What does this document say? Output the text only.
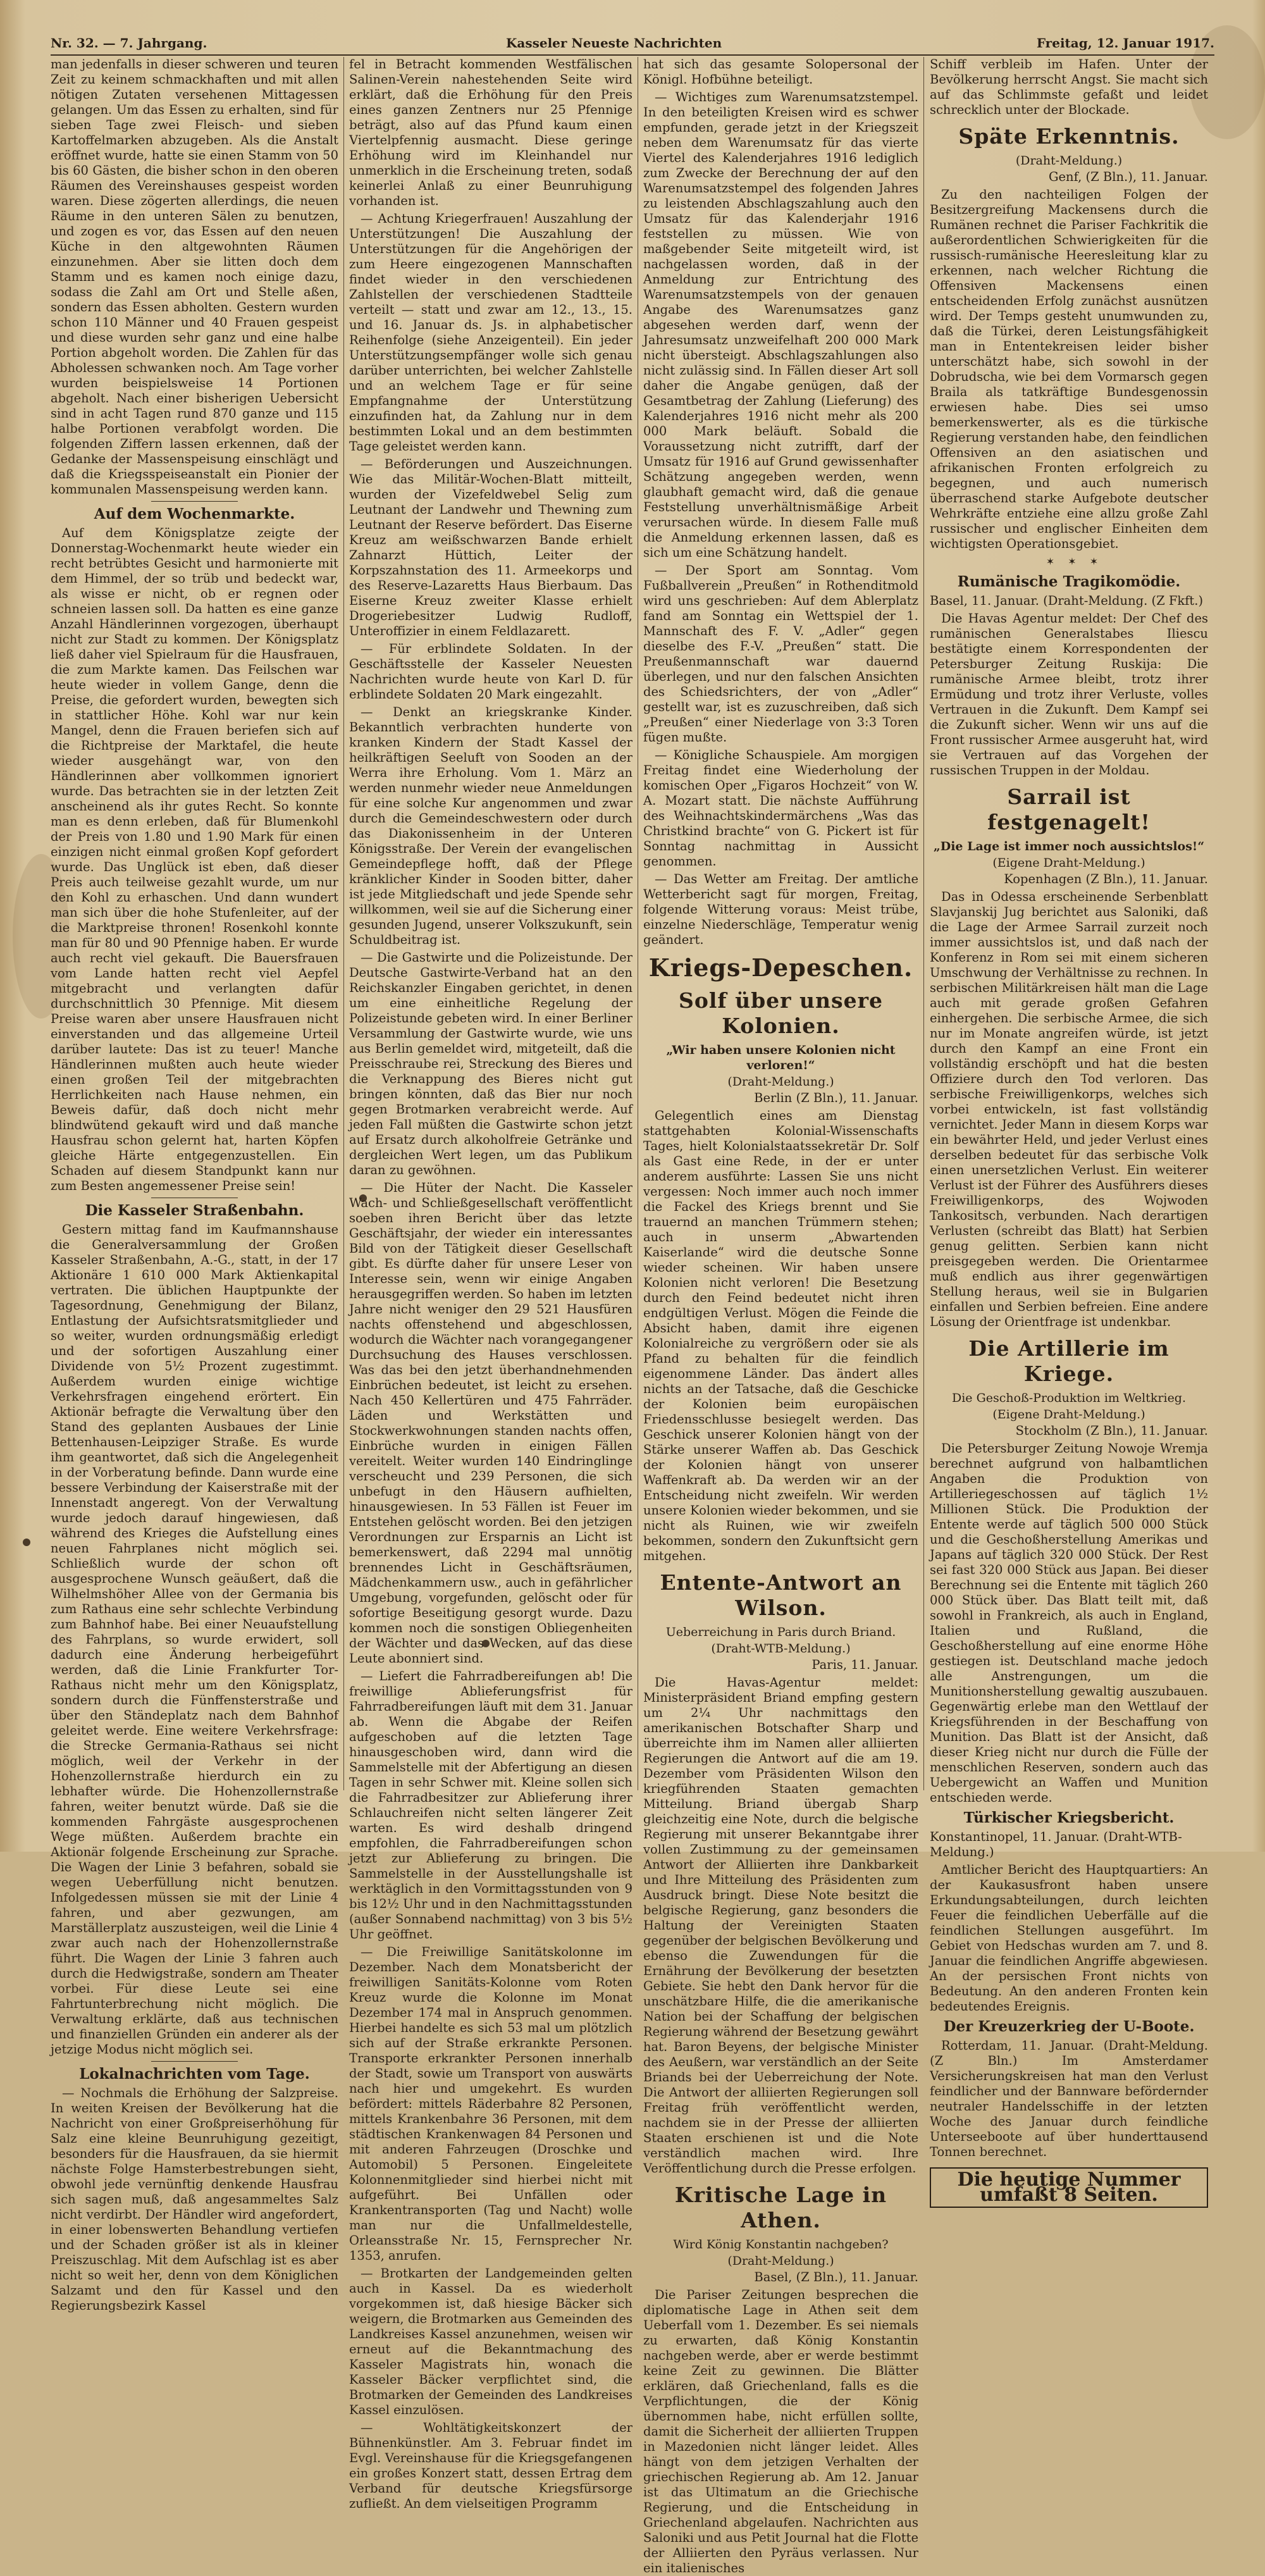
Nr. 32. — 7. Jahrgang.	Kasseler Neueste Nachrichten	Freitag, 12. Januar 1917.

man jedenfalls in dieser schweren und teuren Zeit zu keinem schmackhaften und mit allen nötigen Zutaten versehenen Mittagessen gelangen. Um das Essen zu erhalten, sind für sieben Tage zwei Fleisch- und sieben Kartoffelmarken abzugeben. Als die Anstalt eröffnet wurde, hatte sie einen Stamm von 50 bis 60 Gästen, die bisher schon in den oberen Räumen des Vereinshauses gespeist worden waren. Diese zögerten allerdings, die neuen Räume in den unteren Sälen zu benutzen, und zogen es vor, das Essen auf den neuen Küche in den altgewohnten Räumen einzunehmen. Aber sie litten doch dem Stamm und es kamen noch einige dazu, sodass die Zahl am Ort und Stelle aßen, sondern das Essen abholten. Gestern wurden schon 110 Männer und 40 Frauen gespeist und diese wurden sehr ganz und eine halbe Portion abgeholt worden. Die Zahlen für das Abholessen schwanken noch. Am Tage vorher wurden beispielsweise 14 Portionen abgeholt. Nach einer bisherigen Uebersicht sind in acht Tagen rund 870 ganze und 115 halbe Portionen verabfolgt worden. Die folgenden Ziffern lassen erkennen, daß der Gedanke der Massenspeisung einschlägt und daß die Kriegsspeiseanstalt ein Pionier der kommunalen Massenspeisung werden kann.

Auf dem Wochenmarkte.

Auf dem Königsplatze zeigte der Donnerstag-Wochenmarkt heute wieder ein recht betrübtes Gesicht und harmonierte mit dem Himmel, der so trüb und bedeckt war, als wisse er nicht, ob er regnen oder schneien lassen soll. Da hatten es eine ganze Anzahl Händlerinnen vorgezogen, überhaupt nicht zur Stadt zu kommen. Der Königsplatz ließ daher viel Spielraum für die Hausfrauen, die zum Markte kamen. Das Feilschen war heute wieder in vollem Gange, denn die Preise, die gefordert wurden, bewegten sich in stattlicher Höhe. Kohl war nur kein Mangel, denn die Frauen beriefen sich auf die Richtpreise der Marktafel, die heute wieder ausgehängt war, von den Händlerinnen aber vollkommen ignoriert wurde. Das betrachten sie in der letzten Zeit anscheinend als ihr gutes Recht. So konnte man es denn erleben, daß für Blumenkohl der Preis von 1.80 und 1.90 Mark für einen einzigen nicht einmal großen Kopf gefordert wurde. Das Unglück ist eben, daß dieser Preis auch teilweise gezahlt wurde, um nur den Kohl zu erhaschen. Und dann wundert man sich über die hohe Stufenleiter, auf der die Marktpreise thronen! Rosenkohl konnte man für 80 und 90 Pfennige haben. Er wurde auch recht viel gekauft. Die Bauersfrauen vom Lande hatten recht viel Aepfel mitgebracht und verlangten dafür durchschnittlich 30 Pfennige. Mit diesem Preise waren aber unsere Hausfrauen nicht einverstanden und das allgemeine Urteil darüber lautete: Das ist zu teuer! Manche Händlerinnen mußten auch heute wieder einen großen Teil der mitgebrachten Herrlichkeiten nach Hause nehmen, ein Beweis dafür, daß doch nicht mehr blindwütend gekauft wird und daß manche Hausfrau schon gelernt hat, harten Köpfen gleiche Härte entgegenzustellen. Ein Schaden auf diesem Standpunkt kann nur zum Besten angemessener Preise sein!

Die Kasseler Straßenbahn.

Gestern mittag fand im Kaufmannshause die Generalversammlung der Großen Kasseler Straßenbahn, A.-G., statt, in der 17 Aktionäre 1 610 000 Mark Aktienkapital vertraten. Die üblichen Hauptpunkte der Tagesordnung, Genehmigung der Bilanz, Entlastung der Aufsichtsratsmitglieder und so weiter, wurden ordnungsmäßig erledigt und der sofortigen Auszahlung einer Dividende von 5½ Prozent zugestimmt. Außerdem wurden einige wichtige Verkehrsfragen eingehend erörtert. Ein Aktionär befragte die Verwaltung über den Stand des geplanten Ausbaues der Linie Bettenhausen-Leipziger Straße. Es wurde ihm geantwortet, daß sich die Angelegenheit in der Vorberatung befinde. Dann wurde eine bessere Verbindung der Kaiserstraße mit der Innenstadt angeregt. Von der Verwaltung wurde jedoch darauf hingewiesen, daß während des Krieges die Aufstellung eines neuen Fahrplanes nicht möglich sei. Schließlich wurde der schon oft ausgesprochene Wunsch geäußert, daß die Wilhelmshöher Allee von der Germania bis zum Rathaus eine sehr schlechte Verbindung zum Bahnhof habe. Bei einer Neuaufstellung des Fahrplans, so wurde erwidert, soll dadurch eine Änderung herbeigeführt werden, daß die Linie Frankfurter Tor-Rathaus nicht mehr um den Königsplatz, sondern durch die Fünffensterstraße und über den Ständeplatz nach dem Bahnhof geleitet werde. Eine weitere Verkehrsfrage: die Strecke Germania-Rathaus sei nicht möglich, weil der Verkehr in der Hohenzollernstraße hierdurch ein zu lebhafter würde. Die Hohenzollernstraße fahren, weiter benutzt würde. Daß sie die kommenden Fahrgäste ausgesprochenen Wege müßten. Außerdem brachte ein Aktionär folgende Erscheinung zur Sprache. Die Wagen der Linie 3 befahren, sobald sie wegen Ueberfüllung nicht benutzen. Infolgedessen müssen sie mit der Linie 4 fahren, und aber gezwungen, am Marställerplatz auszusteigen, weil die Linie 4 zwar auch nach der Hohenzollernstraße führt. Die Wagen der Linie 3 fahren auch durch die Hedwigstraße, sondern am Theater vorbei. Für diese Leute sei eine Fahrtunterbrechung nicht möglich. Die Verwaltung erklärte, daß aus technischen und finanziellen Gründen ein anderer als der jetzige Modus nicht möglich sei.

Lokalnachrichten vom Tage.

— Nochmals die Erhöhung der Salzpreise. In weiten Kreisen der Bevölkerung hat die Nachricht von einer Großpreiserhöhung für Salz eine kleine Beunruhigung gezeitigt, besonders für die Hausfrauen, da sie hiermit nächste Folge Hamsterbestrebungen sieht, obwohl jede vernünftig denkende Hausfrau sich sagen muß, daß angesammeltes Salz nicht verdirbt. Der Händler wird angefordert, in einer lobenswerten Behandlung vertiefen und der Schaden größer ist als in kleiner Preiszuschlag. Mit dem Aufschlag ist es aber nicht so weit her, denn von dem Königlichen Salzamt und den für Kassel und den Regierungsbezirk Kassel

fel in Betracht kommenden Westfälischen Salinen-Verein nahestehenden Seite wird erklärt, daß die Erhöhung für den Preis eines ganzen Zentners nur 25 Pfennige beträgt, also auf das Pfund kaum einen Viertelpfennig ausmacht. Diese geringe Erhöhung wird im Kleinhandel nur unmerklich in die Erscheinung treten, sodaß keinerlei Anlaß zu einer Beunruhigung vorhanden ist.

— Achtung Kriegerfrauen! Auszahlung der Unterstützungen! Die Auszahlung der Unterstützungen für die Angehörigen der zum Heere eingezogenen Mannschaften findet wieder in den verschiedenen Zahlstellen der verschiedenen Stadtteile verteilt — statt und zwar am 12., 13., 15. und 16. Januar ds. Js. in alphabetischer Reihenfolge (siehe Anzeigenteil). Ein jeder Unterstützungsempfänger wolle sich genau darüber unterrichten, bei welcher Zahlstelle und an welchem Tage er für seine Empfangnahme der Unterstützung einzufinden hat, da Zahlung nur in dem bestimmten Lokal und an dem bestimmten Tage geleistet werden kann.

— Beförderungen und Auszeichnungen. Wie das Militär-Wochen-Blatt mitteilt, wurden der Vizefeldwebel Selig zum Leutnant der Landwehr und Thewning zum Leutnant der Reserve befördert. Das Eiserne Kreuz am weißschwarzen Bande erhielt Zahnarzt Hüttich, Leiter der Korpszahnstation des 11. Armeekorps und des Reserve-Lazaretts Haus Bierbaum. Das Eiserne Kreuz zweiter Klasse erhielt Drogeriebesitzer Ludwig Rudloff, Unteroffizier in einem Feldlazarett.

— Für erblindete Soldaten. In der Geschäftsstelle der Kasseler Neuesten Nachrichten wurde heute von Karl D. für erblindete Soldaten 20 Mark eingezahlt.

— Denkt an kriegskranke Kinder. Bekanntlich verbrachten hunderte von kranken Kindern der Stadt Kassel der heilkräftigen Seeluft von Sooden an der Werra ihre Erholung. Vom 1. März an werden nunmehr wieder neue Anmeldungen für eine solche Kur angenommen und zwar durch die Gemeindeschwestern oder durch das Diakonissenheim in der Unteren Königsstraße. Der Verein der evangelischen Gemeindepflege hofft, daß der Pflege kränklicher Kinder in Sooden bitter, daher ist jede Mitgliedschaft und jede Spende sehr willkommen, weil sie auf die Sicherung einer gesunden Jugend, unserer Volkszukunft, sein Schuldbeitrag ist.

— Die Gastwirte und die Polizeistunde. Der Deutsche Gastwirte-Verband hat an den Reichskanzler Eingaben gerichtet, in denen um eine einheitliche Regelung der Polizeistunde gebeten wird. In einer Berliner Versammlung der Gastwirte wurde, wie uns aus Berlin gemeldet wird, mitgeteilt, daß die Preisschraube rei, Streckung des Bieres und die Verknappung des Bieres nicht gut bringen könnten, daß das Bier nur noch gegen Brotmarken verabreicht werde. Auf jeden Fall müßten die Gastwirte schon jetzt auf Ersatz durch alkoholfreie Getränke und dergleichen Wert legen, um das Publikum daran zu gewöhnen.

— Die Hüter der Nacht. Die Kasseler Wach- und Schließgesellschaft veröffentlicht soeben ihren Bericht über das letzte Geschäftsjahr, der wieder ein interessantes Bild von der Tätigkeit dieser Gesellschaft gibt. Es dürfte daher für unsere Leser von Interesse sein, wenn wir einige Angaben herausgegriffen werden. So haben im letzten Jahre nicht weniger den 29 521 Hausfüren nachts offenstehend und abgeschlossen, wodurch die Wächter nach vorangegangener Durchsuchung des Hauses verschlossen. Was das bei den jetzt überhandnehmenden Einbrüchen bedeutet, ist leicht zu ersehen. Nach 450 Kellertüren und 475 Fahrräder. Läden und Werkstätten und Stockwerkwohnungen standen nachts offen, Einbrüche wurden in einigen Fällen vereitelt. Weiter wurden 140 Eindringlinge verscheucht und 239 Personen, die sich unbefugt in den Häusern aufhielten, hinausgewiesen. In 53 Fällen ist Feuer im Entstehen gelöscht worden. Bei den jetzigen Verordnungen zur Ersparnis an Licht ist bemerkenswert, daß 2294 mal unnötig brennendes Licht in Geschäftsräumen, Mädchenkammern usw., auch in gefährlicher Umgebung, vorgefunden, gelöscht oder für sofortige Beseitigung gesorgt wurde. Dazu kommen noch die sonstigen Obliegenheiten der Wächter und das Wecken, auf das diese Leute abonniert sind.

— Liefert die Fahrradbereifungen ab! Die freiwillige Ablieferungsfrist für Fahrradbereifungen läuft mit dem 31. Januar ab. Wenn die Abgabe der Reifen aufgeschoben auf die letzten Tage hinausgeschoben wird, dann wird die Sammelstelle mit der Abfertigung an diesen Tagen in sehr Schwer mit. Kleine sollen sich die Fahrradbesitzer zur Ablieferung ihrer Schlauchreifen nicht selten längerer Zeit warten. Es wird deshalb dringend empfohlen, die Fahrradbereifungen schon jetzt zur Ablieferung zu bringen. Die Sammelstelle in der Ausstellungshalle ist werktäglich in den Vormittagsstunden von 9 bis 12½ Uhr und in den Nachmittagsstunden (außer Sonnabend nachmittag) von 3 bis 5½ Uhr geöffnet.

— Die Freiwillige Sanitätskolonne im Dezember. Nach dem Monatsbericht der freiwilligen Sanitäts-Kolonne vom Roten Kreuz wurde die Kolonne im Monat Dezember 174 mal in Anspruch genommen. Hierbei handelte es sich 53 mal um plötzlich sich auf der Straße erkrankte Personen. Transporte erkrankter Personen innerhalb der Stadt, sowie um Transport von auswärts nach hier und umgekehrt. Es wurden befördert: mittels Räderbahre 82 Personen, mittels Krankenbahre 36 Personen, mit dem städtischen Krankenwagen 84 Personen und mit anderen Fahrzeugen (Droschke und Automobil) 5 Personen. Eingeleitete Kolonnenmitglieder sind hierbei nicht mit aufgeführt. Bei Unfällen oder Krankentransporten (Tag und Nacht) wolle man nur die Unfallmeldestelle, Orleansstraße Nr. 15, Fernsprecher Nr. 1353, anrufen.

— Brotkarten der Landgemeinden gelten auch in Kassel. Da es wiederholt vorgekommen ist, daß hiesige Bäcker sich weigern, die Brotmarken aus Gemeinden des Landkreises Kassel anzunehmen, weisen wir erneut auf die Bekanntmachung des Kasseler Magistrats hin, wonach die Kasseler Bäcker verpflichtet sind, die Brotmarken der Gemeinden des Landkreises Kassel einzulösen.

— Wohltätigkeitskonzert der Bühnenkünstler. Am 3. Februar findet im Evgl. Vereinshause für die Kriegsgefangenen ein großes Konzert statt, dessen Ertrag dem Verband für deutsche Kriegsfürsorge zufließt. An dem vielseitigen Programm

hat sich das gesamte Solopersonal der Königl. Hofbühne beteiligt.

— Wichtiges zum Warenumsatzstempel. In den beteiligten Kreisen wird es schwer empfunden, gerade jetzt in der Kriegszeit neben dem Warenumsatz für das vierte Viertel des Kalenderjahres 1916 lediglich zum Zwecke der Berechnung der auf den Warenumsatzstempel des folgenden Jahres zu leistenden Abschlagszahlung auch den Umsatz für das Kalenderjahr 1916 feststellen zu müssen. Wie von maßgebender Seite mitgeteilt wird, ist nachgelassen worden, daß in der Anmeldung zur Entrichtung des Warenumsatzstempels von der genauen Angabe des Warenumsatzes ganz abgesehen werden darf, wenn der Jahresumsatz unzweifelhaft 200 000 Mark nicht übersteigt. Abschlagszahlungen also nicht zulässig sind. In Fällen dieser Art soll daher die Angabe genügen, daß der Gesamtbetrag der Zahlung (Lieferung) des Kalenderjahres 1916 nicht mehr als 200 000 Mark beläuft. Sobald die Voraussetzung nicht zutrifft, darf der Umsatz für 1916 auf Grund gewissenhafter Schätzung angegeben werden, wenn glaubhaft gemacht wird, daß die genaue Feststellung unverhältnismäßige Arbeit verursachen würde. In diesem Falle muß die Anmeldung erkennen lassen, daß es sich um eine Schätzung handelt.

— Der Sport am Sonntag. Vom Fußballverein „Preußen“ in Rothenditmold wird uns geschrieben: Auf dem Ablerplatz fand am Sonntag ein Wettspiel der 1. Mannschaft des F. V. „Adler“ gegen dieselbe des F.-V. „Preußen“ statt. Die Preußenmannschaft war dauernd überlegen, und nur den falschen Ansichten des Schiedsrichters, der von „Adler“ gestellt war, ist es zuzuschreiben, daß sich „Preußen“ einer Niederlage von 3:3 Toren fügen mußte.

— Königliche Schauspiele. Am morgigen Freitag findet eine Wiederholung der komischen Oper „Figaros Hochzeit“ von W. A. Mozart statt. Die nächste Aufführung des Weihnachtskindermärchens „Was das Christkind brachte“ von G. Pickert ist für Sonntag nachmittag in Aussicht genommen.

— Das Wetter am Freitag. Der amtliche Wetterbericht sagt für morgen, Freitag, folgende Witterung voraus: Meist trübe, einzelne Niederschläge, Temperatur wenig geändert.

Kriegs-Depeschen.
Solf über unsere Kolonien.

„Wir haben unsere Kolonien nicht verloren!“

(Draht-Meldung.)

Berlin (Z Bln.), 11. Januar.

Gelegentlich eines am Dienstag stattgehabten Kolonial-Wissenschafts Tages, hielt Kolonialstaatssekretär Dr. Solf als Gast eine Rede, in der er unter anderem ausführte: Lassen Sie uns nicht vergessen: Noch immer auch noch immer die Fackel des Kriegs brennt und Sie trauernd an manchen Trümmern stehen; auch in unserm „Abwartenden Kaiserlande“ wird die deutsche Sonne wieder scheinen. Wir haben unsere Kolonien nicht verloren! Die Besetzung durch den Feind bedeutet nicht ihren endgültigen Verlust. Mögen die Feinde die Absicht haben, damit ihre eigenen Kolonialreiche zu vergrößern oder sie als Pfand zu behalten für die feindlich eigenommene Länder. Das ändert alles nichts an der Tatsache, daß die Geschicke der Kolonien beim europäischen Friedensschlusse besiegelt werden. Das Geschick unserer Kolonien hängt von der Stärke unserer Waffen ab. Das Geschick der Kolonien hängt von unserer Waffenkraft ab. Da werden wir an der Entscheidung nicht zweifeln. Wir werden unsere Kolonien wieder bekommen, und sie nicht als Ruinen, wie wir zweifeln bekommen, sondern den Zukunftsicht gern mitgehen.

Entente-Antwort an Wilson.

Ueberreichung in Paris durch Briand.

(Draht-WTB-Meldung.)

Paris, 11. Januar.

Die Havas-Agentur meldet: Ministerpräsident Briand empfing gestern um 2¼ Uhr nachmittags den amerikanischen Botschafter Sharp und überreichte ihm im Namen aller alliierten Regierungen die Antwort auf die am 19. Dezember vom Präsidenten Wilson den kriegführenden Staaten gemachten Mitteilung. Briand übergab Sharp gleichzeitig eine Note, durch die belgische Regierung mit unserer Bekanntgabe ihrer vollen Zustimmung zu der gemeinsamen Antwort der Alliierten ihre Dankbarkeit und Ihre Mitteilung des Präsidenten zum Ausdruck bringt. Diese Note besitzt die belgische Regierung, ganz besonders die Haltung der Vereinigten Staaten gegenüber der belgischen Bevölkerung und ebenso die Zuwendungen für die Ernährung der Bevölkerung der besetzten Gebiete. Sie hebt den Dank hervor für die unschätzbare Hilfe, die die amerikanische Nation bei der Schaffung der belgischen Regierung während der Besetzung gewährt hat. Baron Beyens, der belgische Minister des Aeußern, war verständlich an der Seite Briands bei der Ueberreichung der Note. Die Antwort der alliierten Regierungen soll Freitag früh veröffentlicht werden, nachdem sie in der Presse der alliierten Staaten erschienen ist und die Note verständlich machen wird. Ihre Veröffentlichung durch die Presse erfolgen.

Kritische Lage in Athen.

Wird König Konstantin nachgeben?

(Draht-Meldung.)

Basel, (Z Bln.), 11. Januar.

Die Pariser Zeitungen besprechen die diplomatische Lage in Athen seit dem Ueberfall vom 1. Dezember. Es sei niemals zu erwarten, daß König Konstantin nachgeben werde, aber er werde bestimmt keine Zeit zu gewinnen. Die Blätter erklären, daß Griechenland, falls es die Verpflichtungen, die der König übernommen habe, nicht erfüllen sollte, damit die Sicherheit der alliierten Truppen in Mazedonien nicht länger leidet. Alles hängt von dem jetzigen Verhalten der griechischen Regierung ab. Am 12. Januar ist das Ultimatum an die Griechische Regierung, und die Entscheidung in Griechenland abgelaufen. Nachrichten aus Saloniki und aus Petit Journal hat die Flotte der Alliierten den Pyräus verlassen. Nur ein italienisches

Schiff verbleib im Hafen. Unter der Bevölkerung herrscht Angst. Sie macht sich auf das Schlimmste gefaßt und leidet schrecklich unter der Blockade.

Späte Erkenntnis.

(Draht-Meldung.)

Genf, (Z Bln.), 11. Januar.

Zu den nachteiligen Folgen der Besitzergreifung Mackensens durch die Rumänen rechnet die Pariser Fachkritik die außerordentlichen Schwierigkeiten für die russisch-rumänische Heeresleitung klar zu erkennen, nach welcher Richtung die Offensiven Mackensens einen entscheidenden Erfolg zunächst ausnützen wird. Der Temps gesteht unumwunden zu, daß die Türkei, deren Leistungsfähigkeit man in Ententekreisen leider bisher unterschätzt habe, sich sowohl in der Dobrudscha, wie bei dem Vormarsch gegen Braila als tatkräftige Bundesgenossin erwiesen habe. Dies sei umso bemerkenswerter, als es die türkische Regierung verstanden habe, den feindlichen Offensiven an den asiatischen und afrikanischen Fronten erfolgreich zu begegnen, und auch numerisch überraschend starke Aufgebote deutscher Wehrkräfte entziehe eine allzu große Zahl russischer und englischer Einheiten dem wichtigsten Operationsgebiet.

✶ ✶ ✶

Rumänische Tragikomödie.

Basel, 11. Januar. (Draht-Meldung. (Z Fkft.)

Die Havas Agentur meldet: Der Chef des rumänischen Generalstabes Iliescu bestätigte einem Korrespondenten der Petersburger Zeitung Ruskija: Die rumänische Armee bleibt, trotz ihrer Ermüdung und trotz ihrer Verluste, volles Vertrauen in die Zukunft. Dem Kampf sei die Zukunft sicher. Wenn wir uns auf die Front russischer Armee ausgeruht hat, wird sie Vertrauen auf das Vorgehen der russischen Truppen in der Moldau.

Sarrail ist festgenagelt!

„Die Lage ist immer noch aussichtslos!“

(Eigene Draht-Meldung.)

Kopenhagen (Z Bln.), 11. Januar.

Das in Odessa erscheinende Serbenblatt Slavjanskij Jug berichtet aus Saloniki, daß die Lage der Armee Sarrail zurzeit noch immer aussichtslos ist, und daß nach der Konferenz in Rom sei mit einem sicheren Umschwung der Verhältnisse zu rechnen. In serbischen Militärkreisen hält man die Lage auch mit gerade großen Gefahren einhergehen. Die serbische Armee, die sich nur im Monate angreifen würde, ist jetzt durch den Kampf an eine Front ein vollständig erschöpft und hat die besten Offiziere durch den Tod verloren. Das serbische Freiwilligenkorps, welches sich vorbei entwickeln, ist fast vollständig vernichtet. Jeder Mann in diesem Korps war ein bewährter Held, und jeder Verlust eines derselben bedeutet für das serbische Volk einen unersetzlichen Verlust. Ein weiterer Verlust ist der Führer des Ausführers dieses Freiwilligenkorps, des Wojwoden Tankositsch, verbunden. Nach derartigen Verlusten (schreibt das Blatt) hat Serbien genug gelitten. Serbien kann nicht preisgegeben werden. Die Orientarmee muß endlich aus ihrer gegenwärtigen Stellung heraus, weil sie in Bulgarien einfallen und Serbien befreien. Eine andere Lösung der Orientfrage ist undenkbar.

Die Artillerie im Kriege.

Die Geschoß-Produktion im Weltkrieg.

(Eigene Draht-Meldung.)

Stockholm (Z Bln.), 11. Januar.

Die Petersburger Zeitung Nowoje Wremja berechnet aufgrund von halbamtlichen Angaben die Produktion von Artilleriegeschossen auf täglich 1½ Millionen Stück. Die Produktion der Entente werde auf täglich 500 000 Stück und die Geschoßherstellung Amerikas und Japans auf täglich 320 000 Stück. Der Rest sei fast 320 000 Stück aus Japan. Bei dieser Berechnung sei die Entente mit täglich 260 000 Stück über. Das Blatt teilt mit, daß sowohl in Frankreich, als auch in England, Italien und Rußland, die Geschoßherstellung auf eine enorme Höhe gestiegen ist. Deutschland mache jedoch alle Anstrengungen, um die Munitionsherstellung gewaltig auszubauen. Gegenwärtig erlebe man den Wettlauf der Kriegsführenden in der Beschaffung von Munition. Das Blatt ist der Ansicht, daß dieser Krieg nicht nur durch die Fülle der menschlichen Reserven, sondern auch das Uebergewicht an Waffen und Munition entschieden werde.

Türkischer Kriegsbericht.

Konstantinopel, 11. Januar. (Draht-WTB-Meldung.)

Amtlicher Bericht des Hauptquartiers: An der Kaukasusfront haben unsere Erkundungsabteilungen, durch leichten Feuer die feindlichen Ueberfälle auf die feindlichen Stellungen ausgeführt. Im Gebiet von Hedschas wurden am 7. und 8. Januar die feindlichen Angriffe abgewiesen. An der persischen Front nichts von Bedeutung. An den anderen Fronten kein bedeutendes Ereignis.

Der Kreuzerkrieg der U-Boote.

Rotterdam, 11. Januar. (Draht-Meldung. (Z Bln.) Im Amsterdamer Versicherungskreisen hat man den Verlust feindlicher und der Bannware befördernder neutraler Handelsschiffe in der letzten Woche des Januar durch feindliche Unterseeboote auf über hunderttausend Tonnen berechnet.

Die heutige Nummer umfaßt 8 Seiten.
